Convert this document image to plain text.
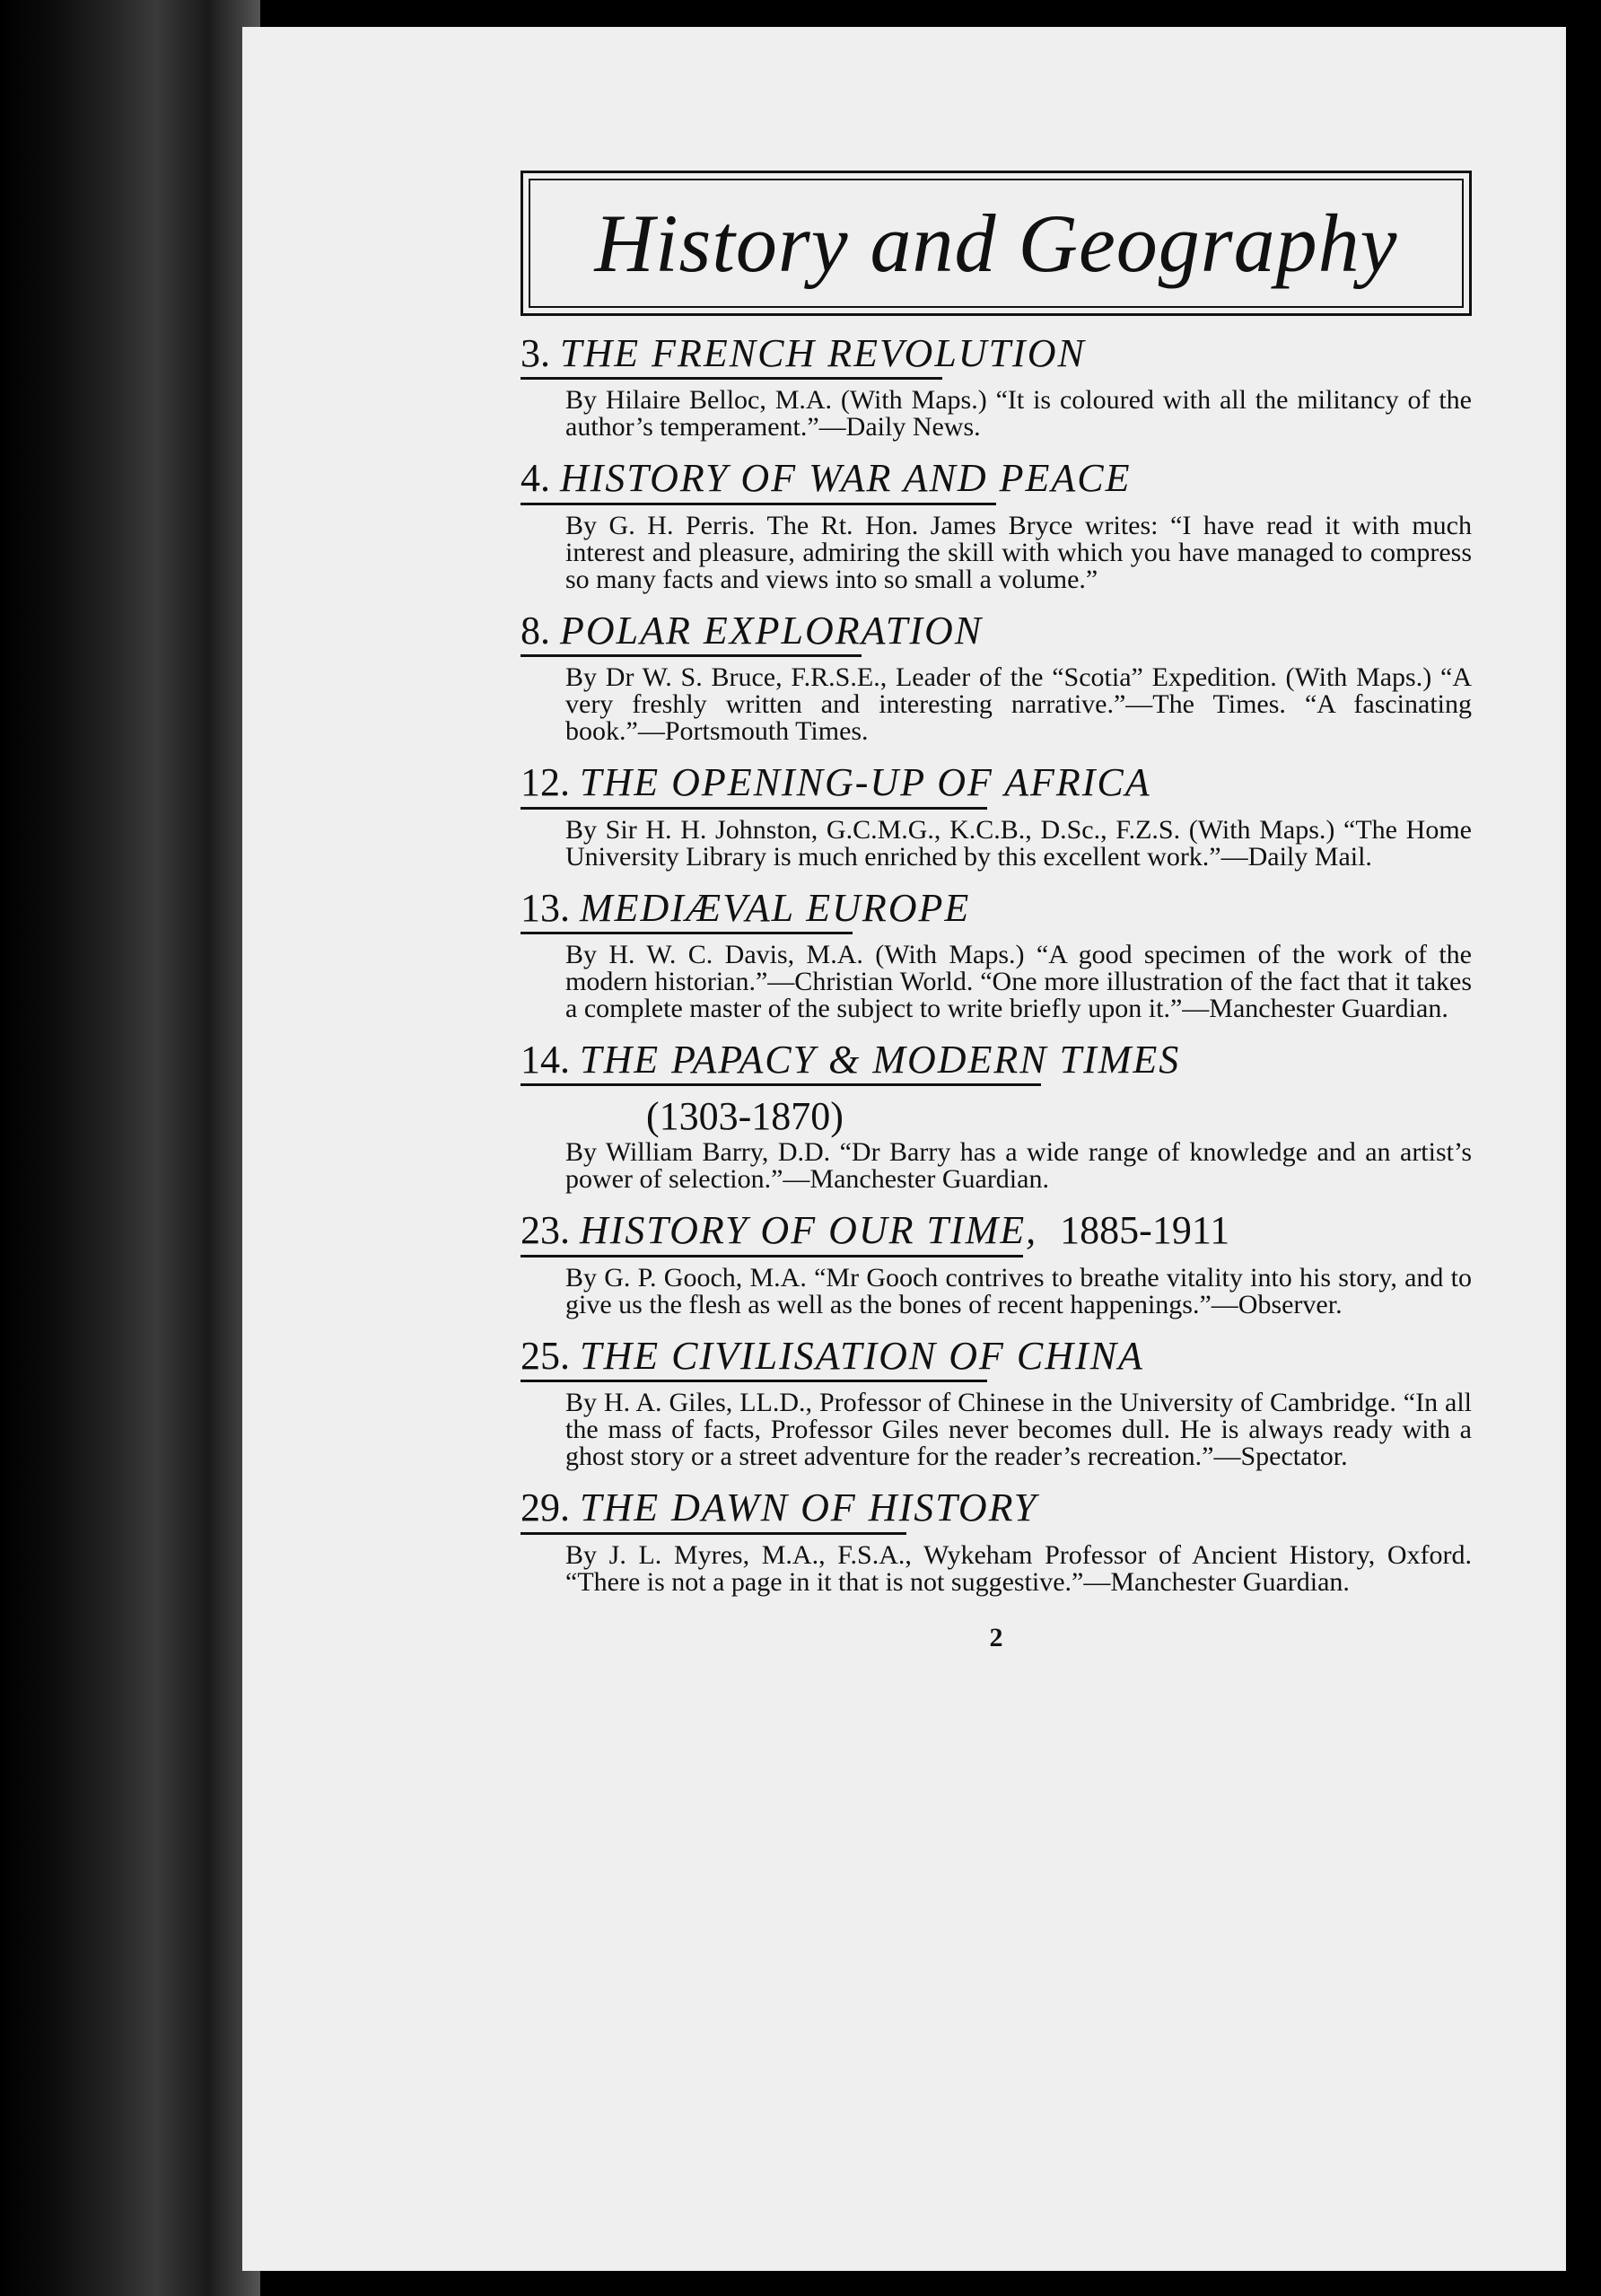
History and Geography
3. THE FRENCH REVOLUTION
By Hilaire Belloc, M.A. (With Maps.) “It is coloured with all the militancy of the author’s temperament.”—Daily News.
4. HISTORY OF WAR AND PEACE
By G. H. Perris. The Rt. Hon. James Bryce writes: “I have read it with much interest and pleasure, admiring the skill with which you have managed to compress so many facts and views into so small a volume.”
8. POLAR EXPLORATION
By Dr W. S. Bruce, F.R.S.E., Leader of the “Scotia” Expedition. (With Maps.) “A very freshly written and interesting narrative.”—The Times. “A fascinating book.”—Portsmouth Times.
12. THE OPENING-UP OF AFRICA
By Sir H. H. Johnston, G.C.M.G., K.C.B., D.Sc., F.Z.S. (With Maps.) “The Home University Library is much enriched by this excellent work.”—Daily Mail.
13. MEDIÆVAL EUROPE
By H. W. C. Davis, M.A. (With Maps.) “A good specimen of the work of the modern historian.”—Christian World. “One more illustration of the fact that it takes a complete master of the subject to write briefly upon it.”—Manchester Guardian.
14. THE PAPACY & MODERN TIMES
(1303-1870)
By William Barry, D.D. “Dr Barry has a wide range of knowledge and an artist’s power of selection.”—Manchester Guardian.
23. HISTORY OF OUR TIME, 1885-1911
By G. P. Gooch, M.A. “Mr Gooch contrives to breathe vitality into his story, and to give us the flesh as well as the bones of recent happenings.”—Observer.
25. THE CIVILISATION OF CHINA
By H. A. Giles, LL.D., Professor of Chinese in the University of Cambridge. “In all the mass of facts, Professor Giles never becomes dull. He is always ready with a ghost story or a street adventure for the reader’s recreation.”—Spectator.
29. THE DAWN OF HISTORY
By J. L. Myres, M.A., F.S.A., Wykeham Professor of Ancient History, Oxford. “There is not a page in it that is not suggestive.”—Manchester Guardian.
2
